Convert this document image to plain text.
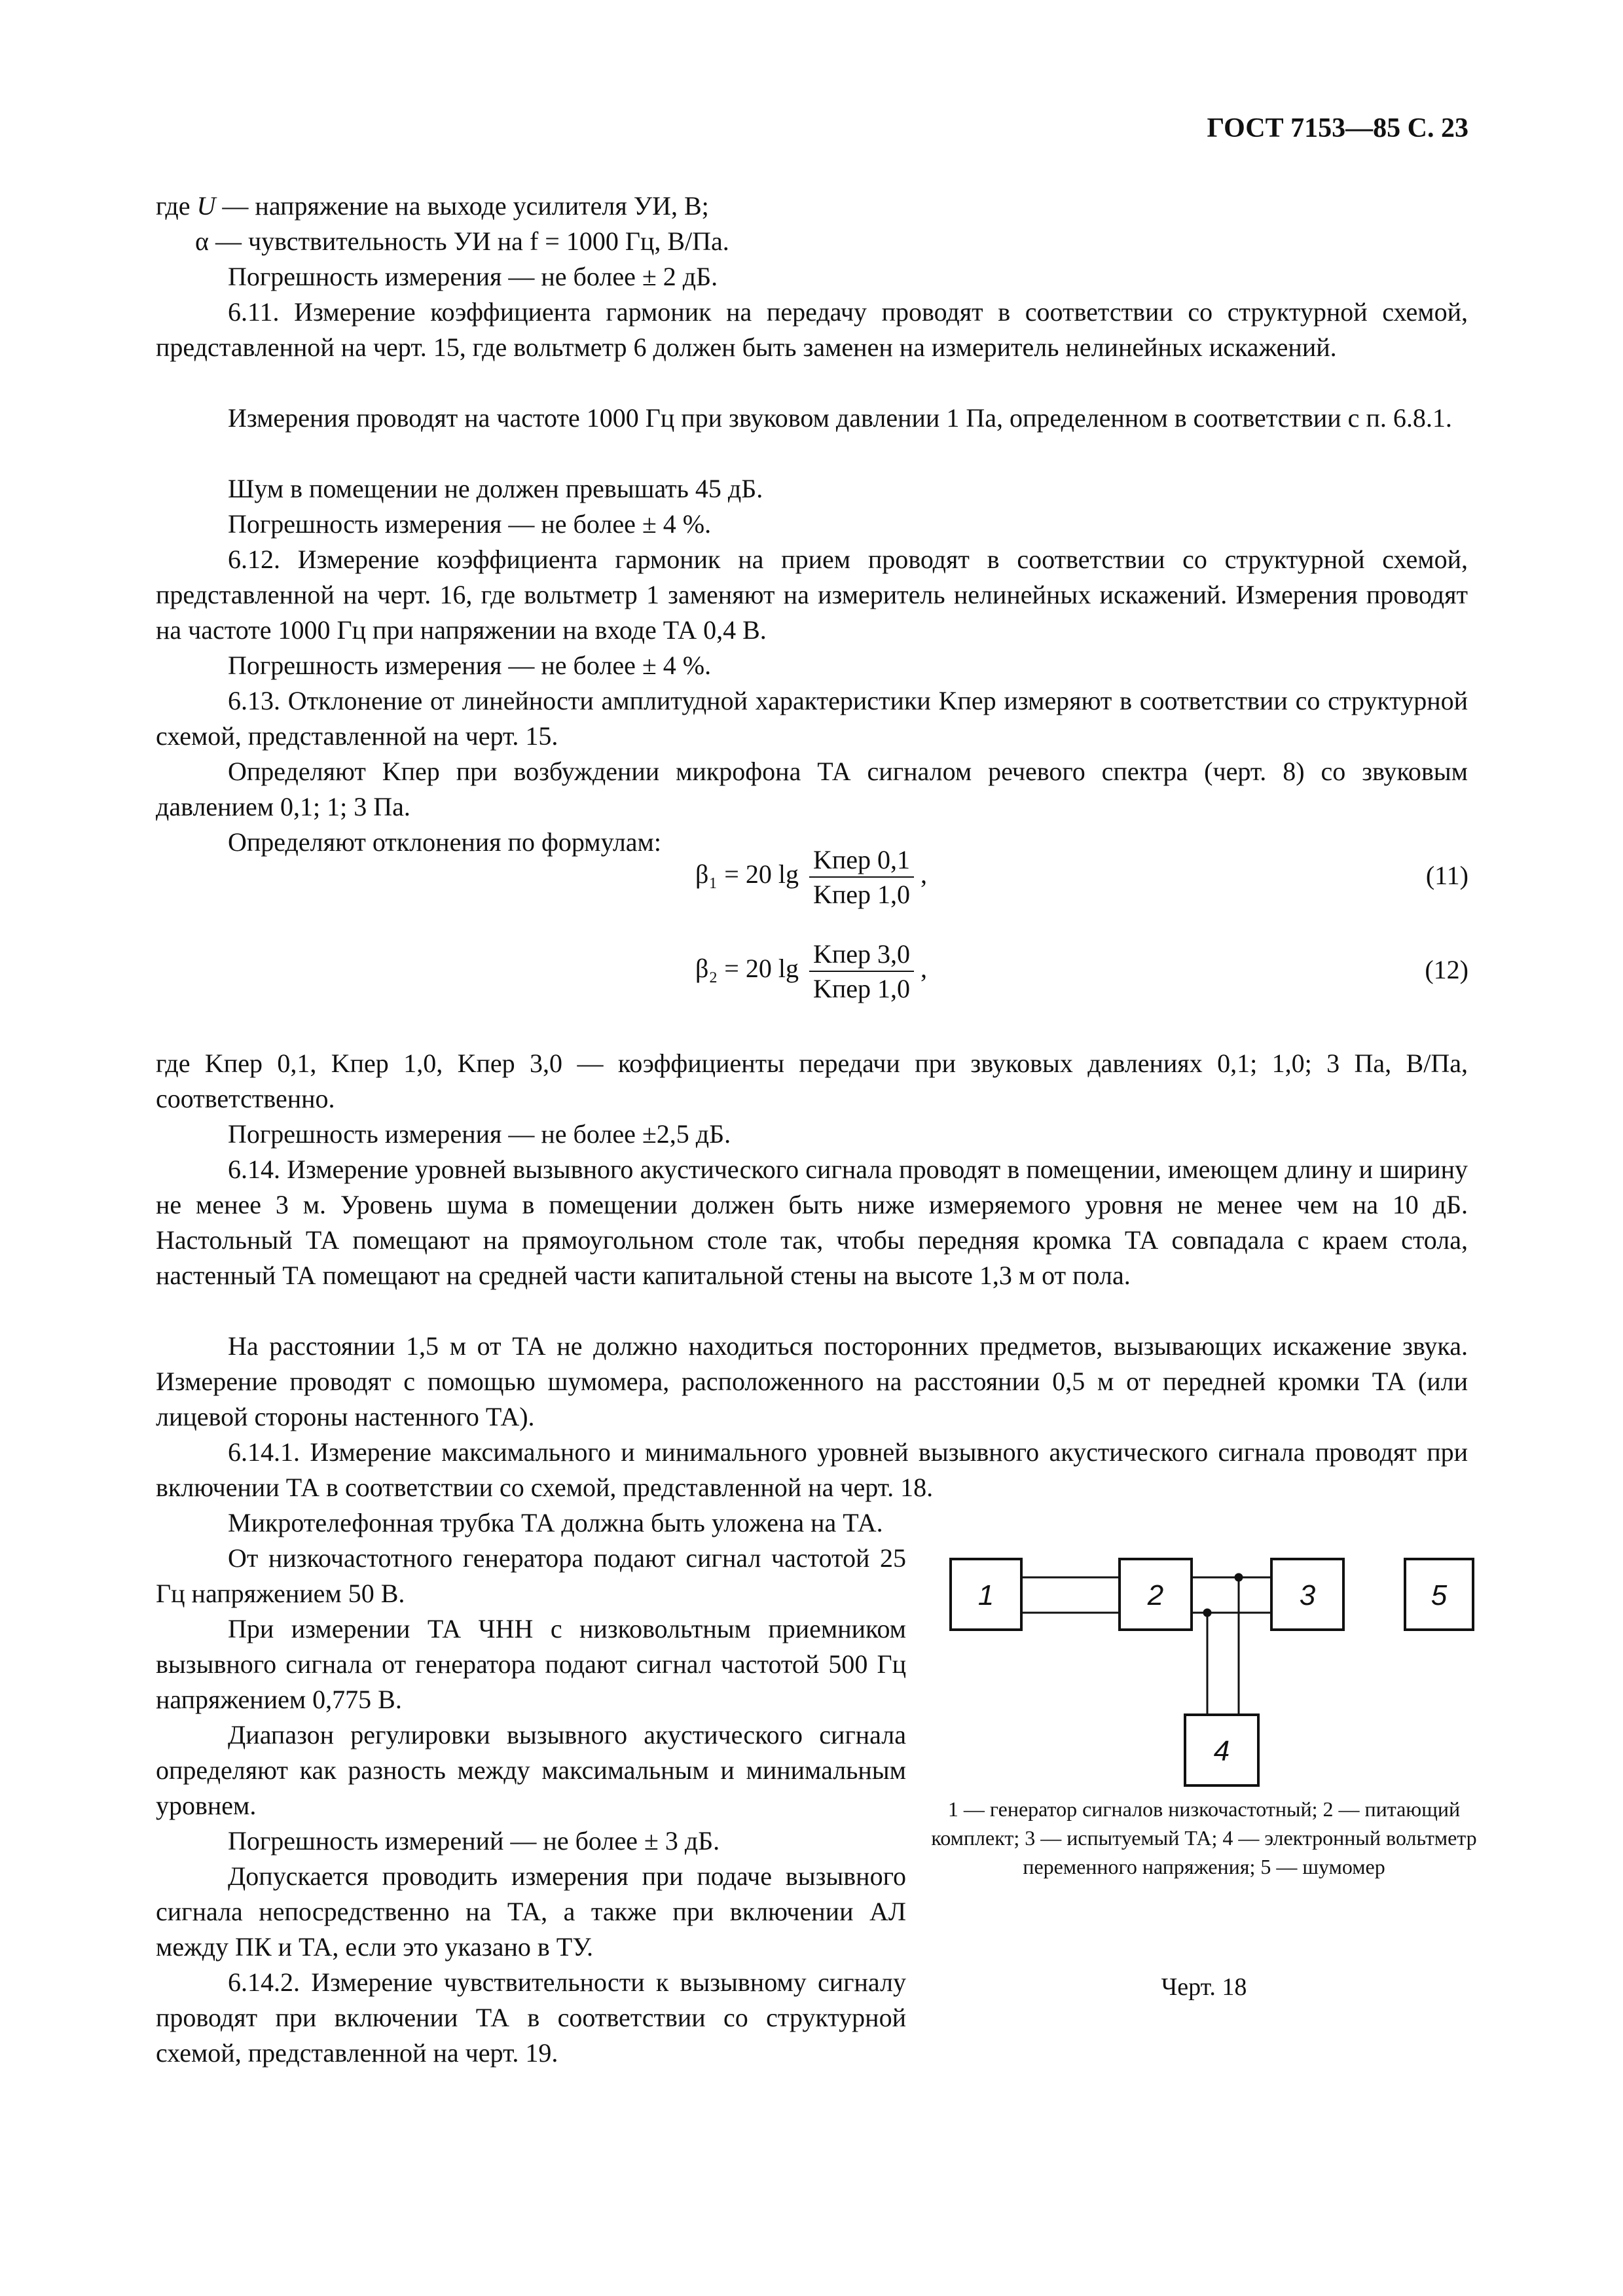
ГОСТ 7153—85 С. 23
где U — напряжение на выходе усилителя УИ, В;
α — чувствительность УИ на f = 1000 Гц, В/Па.
Погрешность измерения — не более ± 2 дБ.
6.11. Измерение коэффициента гармоник на передачу проводят в соответствии со структурной схемой, представленной на черт. 15, где вольтметр 6 должен быть заменен на измеритель нелинейных искажений.
Измерения проводят на частоте 1000 Гц при звуковом давлении 1 Па, определенном в соответствии с п. 6.8.1.
Шум в помещении не должен превышать 45 дБ.
Погрешность измерения — не более ± 4 %.
6.12. Измерение коэффициента гармоник на прием проводят в соответствии со структурной схемой, представленной на черт. 16, где вольтметр 1 заменяют на измеритель нелинейных искажений. Измерения проводят на частоте 1000 Гц при напряжении на входе ТА 0,4 В.
Погрешность измерения — не более ± 4 %.
6.13. Отклонение от линейности амплитудной характеристики Kпер измеряют в соответствии со структурной схемой, представленной на черт. 15.
Определяют Kпер при возбуждении микрофона ТА сигналом речевого спектра (черт. 8) со звуковым давлением 0,1; 1; 3 Па.
Определяют отклонения по формулам:
β₁ = 20 $\lg \frac{\text{Kпер 0,1}}{\text{Kпер 1,0}}$ ,	(11)
β₂ = 20 $\lg \frac{\text{Kпер 3,0}}{\text{Kпер 1,0}}$ ,	(12)
где Kпер 0,1, Kпер 1,0, Kпер 3,0 — коэффициенты передачи при звуковых давлениях 0,1; 1,0; 3 Па, В/Па, соответственно.
Погрешность измерения — не более ±2,5 дБ.
6.14. Измерение уровней вызывного акустического сигнала проводят в помещении, имеющем длину и ширину не менее 3 м. Уровень шума в помещении должен быть ниже измеряемого уровня не менее чем на 10 дБ. Настольный ТА помещают на прямоугольном столе так, чтобы передняя кромка ТА совпадала с краем стола, настенный ТА помещают на средней части капитальной стены на высоте 1,3 м от пола.
На расстоянии 1,5 м от ТА не должно находиться посторонних предметов, вызывающих искажение звука. Измерение проводят с помощью шумомера, расположенного на расстоянии 0,5 м от передней кромки ТА (или лицевой стороны настенного ТА).
6.14.1. Измерение максимального и минимального уровней вызывного акустического сигнала проводят при включении ТА в соответствии со схемой, представленной на черт. 18.
Микротелефонная трубка ТА должна быть уложена на ТА.
От низкочастотного генератора подают сигнал частотой 25 Гц напряжением 50 В.
При измерении ТА ЧНН с низковольтным приемником вызывного сигнала от генератора подают сигнал частотой 500 Гц напряжением 0,775 В.
Диапазон регулировки вызывного акустического сигнала определяют как разность между максимальным и минимальным уровнем.
Погрешность измерений — не более ± 3 дБ.
Допускается проводить измерения при подаче вызывного сигнала непосредственно на ТА, а также при включении АЛ между ПК и ТА, если это указано в ТУ.
6.14.2. Измерение чувствительности к вызывному сигналу проводят при включении ТА в соответствии со структурной схемой, представленной на черт. 19.
1	2	3	5
4
1 — генератор сигналов низкочастотный; 2 — питающий комплект; 3 — испытуемый ТА; 4 — электронный вольтметр переменного напряжения; 5 — шумомер
Черт. 18
